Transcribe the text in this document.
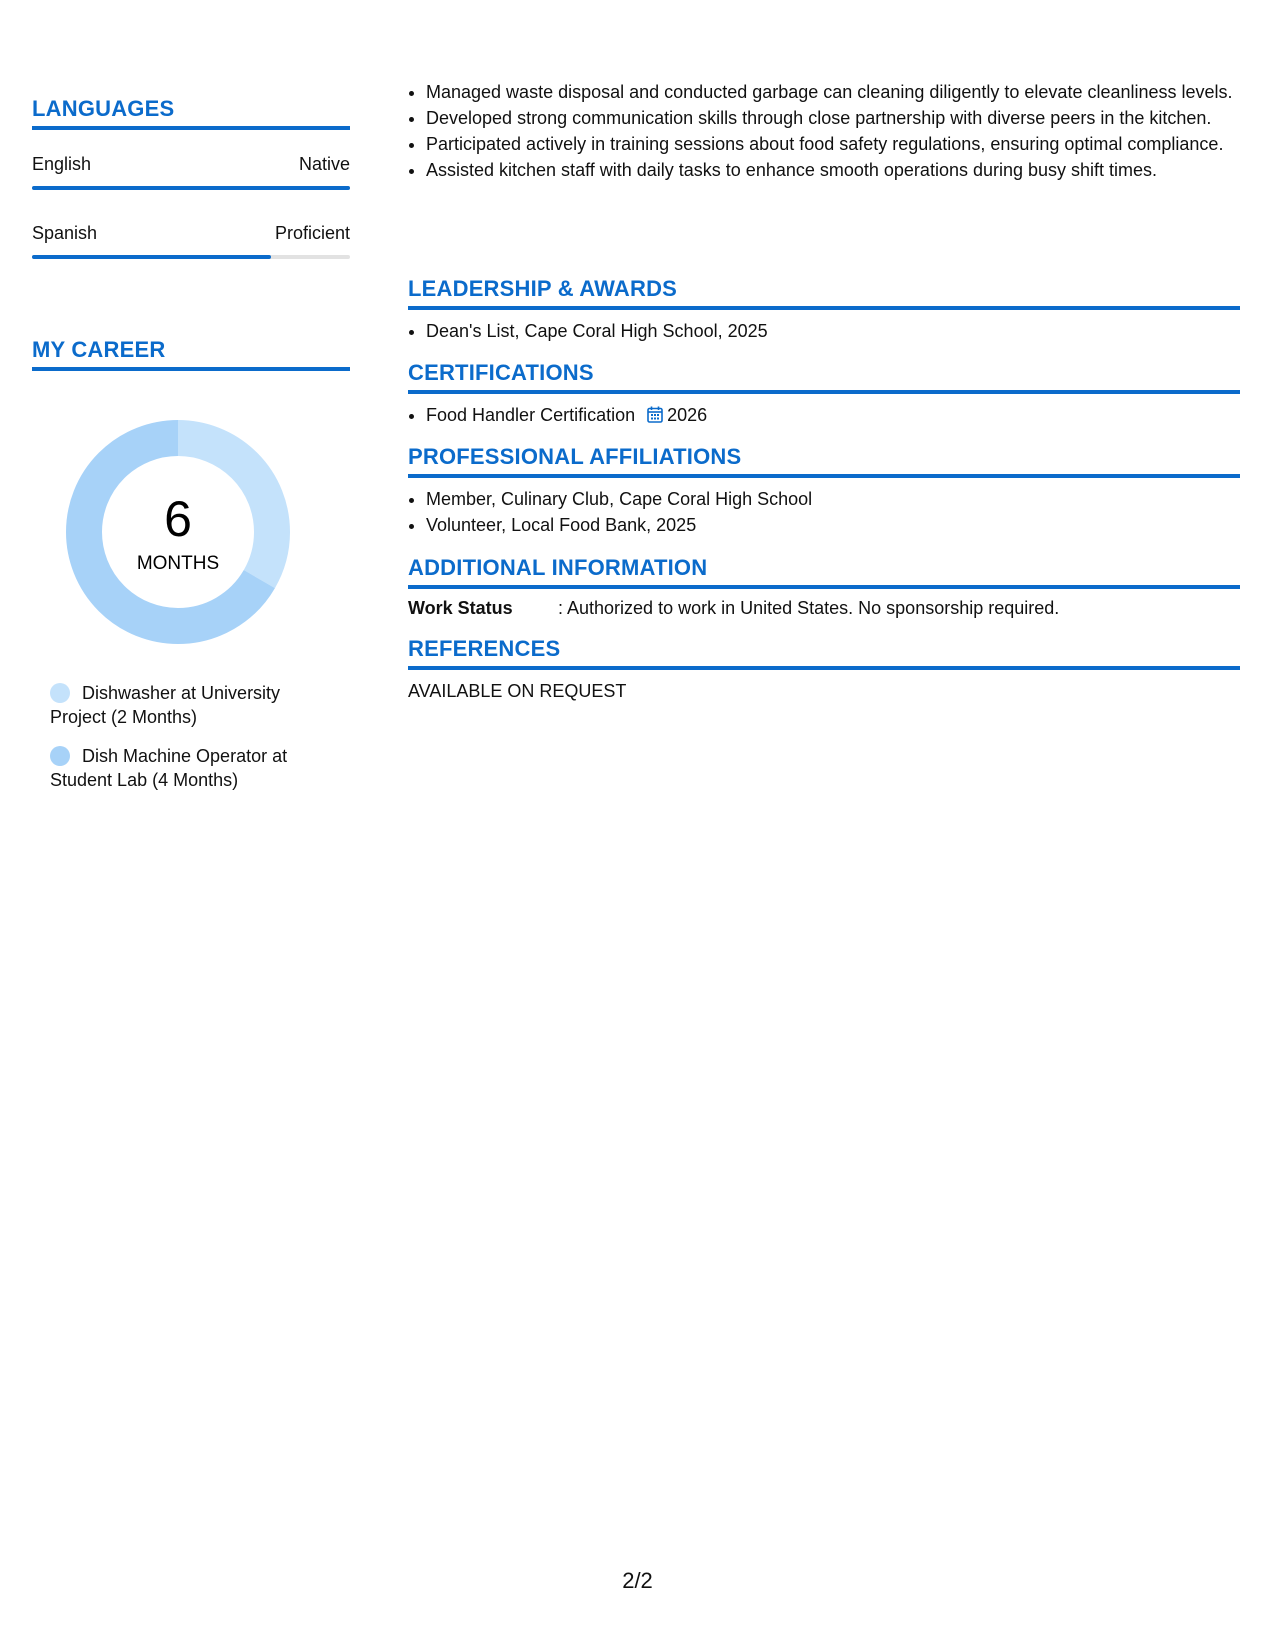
LANGUAGES
English	Native
Spanish	Proficient
MY CAREER
6
MONTHS
Dishwasher at University Project (2 Months)
Dish Machine Operator at Student Lab (4 Months)
• Managed waste disposal and conducted garbage can cleaning diligently to elevate cleanliness levels.
• Developed strong communication skills through close partnership with diverse peers in the kitchen.
• Participated actively in training sessions about food safety regulations, ensuring optimal compliance.
• Assisted kitchen staff with daily tasks to enhance smooth operations during busy shift times.
LEADERSHIP & AWARDS
• Dean's List, Cape Coral High School, 2025
CERTIFICATIONS
• Food Handler Certification 2026
PROFESSIONAL AFFILIATIONS
• Member, Culinary Club, Cape Coral High School
• Volunteer, Local Food Bank, 2025
ADDITIONAL INFORMATION
Work Status	: Authorized to work in United States. No sponsorship required.
REFERENCES
AVAILABLE ON REQUEST
2/2
